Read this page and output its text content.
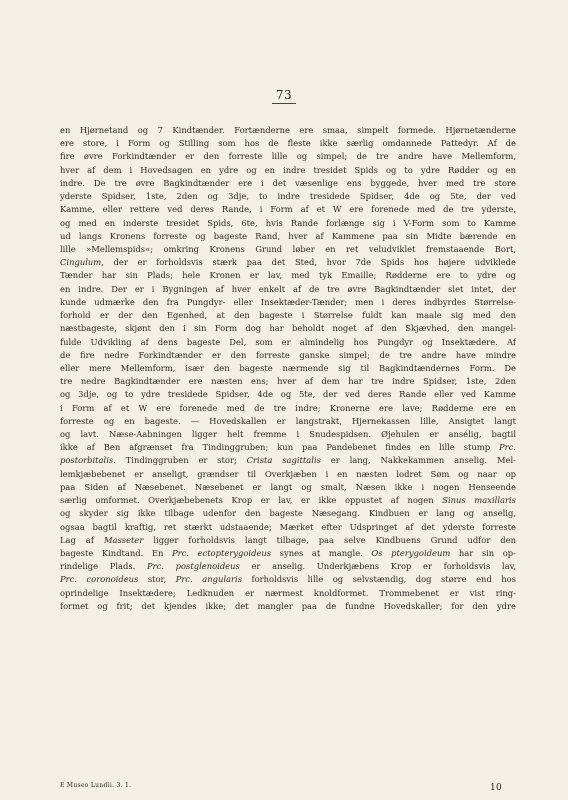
73
en Hjørnetand og 7 Kindtænder. Fortænderne ere smaa, simpelt formede. Hjørnetænderne
ere store, i Form og Stilling som hos de fleste ikke særlig omdannede Pattedyr. Af de
fire øvre Forkindtænder er den forreste lille og simpel; de tre andre have Mellemform,
hver af dem i Hovedsagen en ydre og en indre tresidet Spids og to ydre Rødder og en
indre. De tre øvre Bagkindtænder ere i det væsenlige ens byggede, hver med tre store
yderste Spidser, 1ste, 2den og 3dje, to indre tresidede Spidser, 4de og 5te, der ved
Kamme, eller rettere ved deres Rande, i Form af et W ere forenede med de tre yderste,
og med en inderste tresidet Spids, 6te, hvis Rande forlænge sig i V-Form som to Kamme
ud langs Kronens forreste og bageste Rand, hver af Kammene paa sin Midte bærende en
lille »Mellemspids«; omkring Kronens Grund løber en ret veludviklet fremstaaende Bort,
Cingulum, der er forholdsvis stærk paa det Sted, hvor 7de Spids hos højere udviklede
Tænder har sin Plads; hele Kronen er lav, med tyk Emaille; Rødderne ere to ydre og
en indre. Der er i Bygningen af hver enkelt af de tre øvre Bagkindtænder slet intet, der
kunde udmærke den fra Pungdyr- eller Insektæder-Tænder; men i deres indbyrdes Størrelse-
forhold er der den Egenhed, at den bageste i Størrelse fuldt kan maale sig med den
næstbageste, skjønt den i sin Form dog har beholdt noget af den Skjævhed, den mangel-
fulde Udvikling af dens bageste Del, som er almindelig hos Pungdyr og Insektædere. Af
de fire nedre Forkindtænder er den forreste ganske simpel; de tre andre have mindre
eller mere Mellemform, især den bageste nærmende sig til Bagkindtændernes Form. De
tre nedre Bagkindtænder ere næsten ens; hver af dem har tre indre Spidser, 1ste, 2den
og 3dje, og to ydre tresidede Spidser, 4de og 5te, der ved deres Rande eller ved Kamme
i Form af et W ere forenede med de tre indre; Kronerne ere lave; Rødderne ere en
forreste og en bageste. — Hovedskallen er langstrakt, Hjernekassen lille, Ansigtet langt
og lavt. Næse-Aabningen ligger helt fremme i Snudespidsen. Øjehulen er ansélig, bagtil
ikke af Ben afgrænset fra Tindinggruben; kun paa Pandebenet findes en lille stump Prc.
postorbitalis. Tindinggruben er stor; Crista sagittalis er lang, Nakkekammen anselig. Mel-
lemkjæbebenet er anseligt, grændser til Overkjæben i en næsten lodret Søm og naar op
paa Siden af Næsebenet. Næsebenet er langt og smalt, Næsen ikke i nogen Henseende
særlig omformet. Overkjæbebenets Krop er lav, er ikke oppustet af nogen Sinus maxillaris
og skyder sig ikke tilbage udenfor den bageste Næsegang. Kindbuen er lang og anselig,
ogsaa bagtil kraftig, ret stærkt udstaaende; Mærket efter Udspringet af det yderste forreste
Lag af Masseter ligger forholdsvis langt tilbage, paa selve Kindbuens Grund udfor den
bageste Kindtand. En Prc. ectopterygoideus synes at mangle. Os pterygoideum har sin op-
rindelige Plads. Prc. postglenoideus er anselig. Underkjæbens Krop er forholdsvis lav,
Prc. coronoideus stor, Prc. angularis forholdsvis lille og selvstændig, dog større end hos
oprindelige Insektædere; Ledknuden er nærmest knoldformet. Trommebenet er vist ring-
formet og frit; det kjendes ikke; det mangler paa de fundne Hovedskaller; for den ydre
E Museo Lundii. 3. 1.	10
